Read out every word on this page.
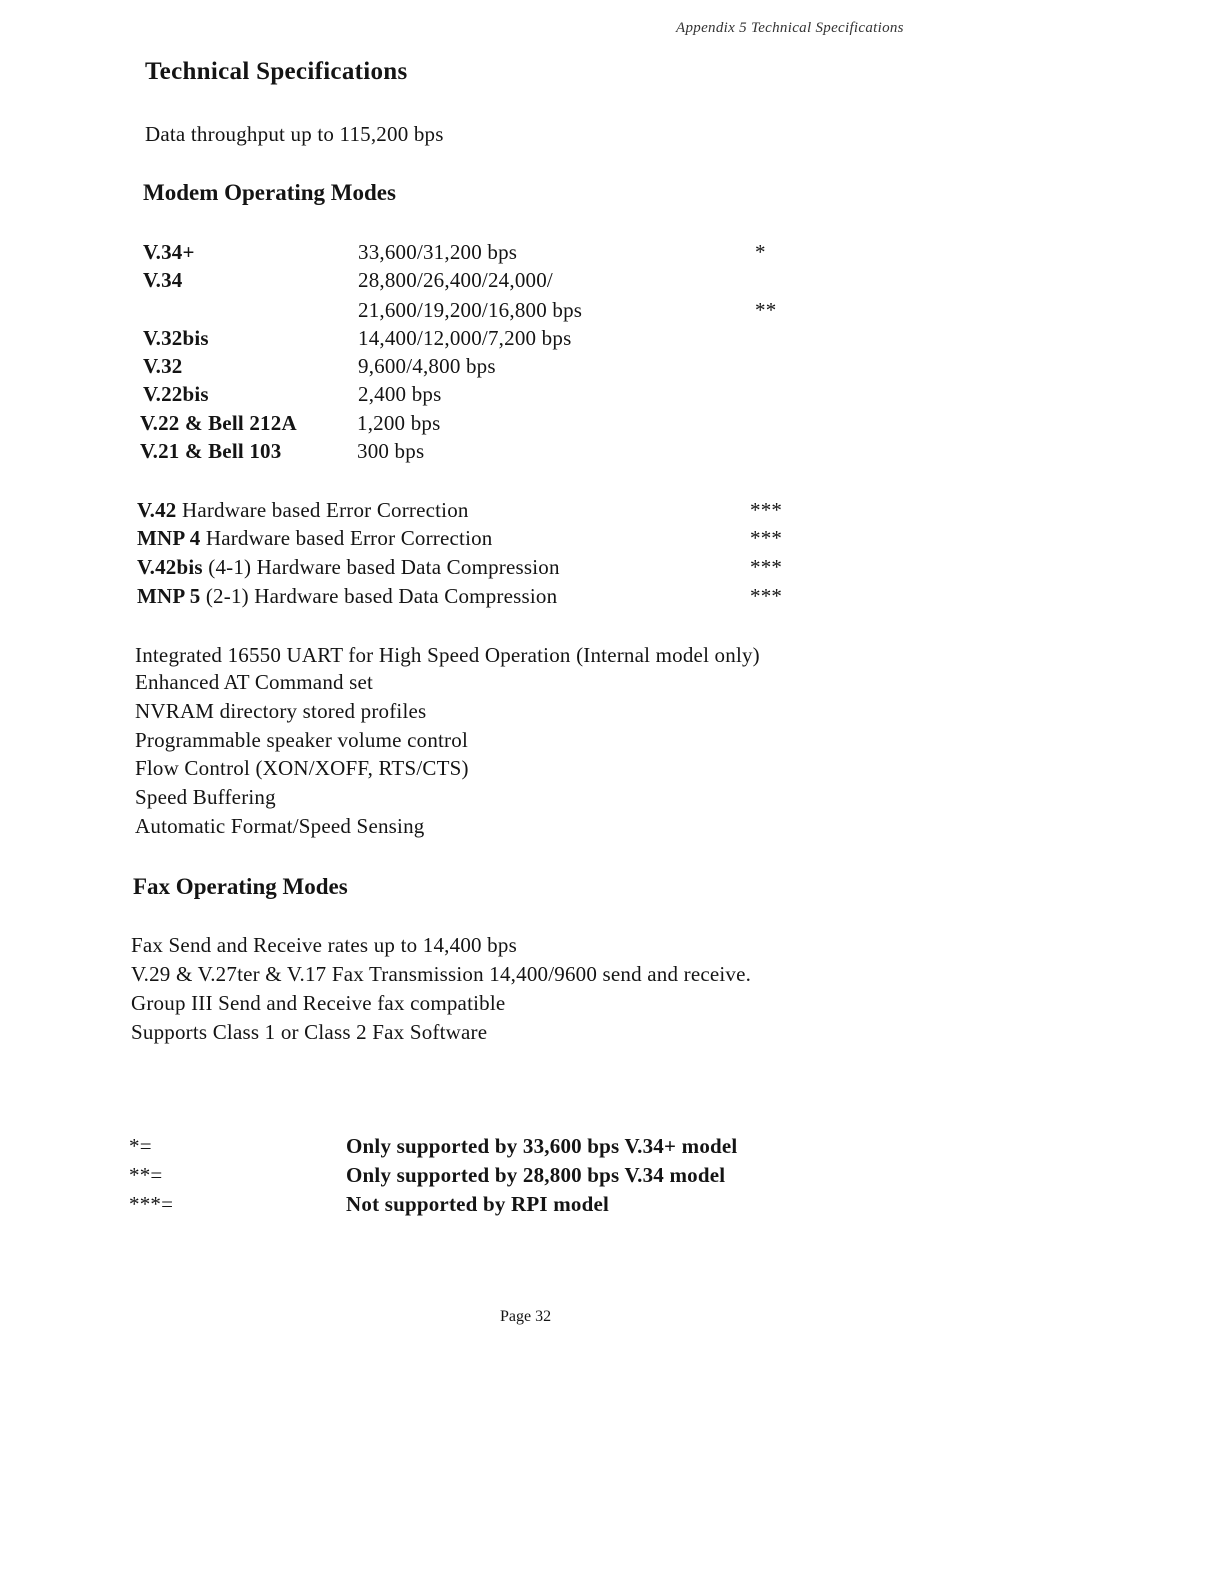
Appendix 5 Technical Specifications
Technical Specifications
Data throughput up to 115,200 bps
Modem Operating Modes
V.34+	33,600/31,200 bps	*
V.34	28,800/26,400/24,000/
21,600/19,200/16,800 bps	**
V.32bis	14,400/12,000/7,200 bps
V.32	9,600/4,800 bps
V.22bis	2,400 bps
V.22 & Bell 212A	1,200 bps
V.21 & Bell 103	300 bps
V.42 Hardware based Error Correction	***
MNP 4 Hardware based Error Correction	***
V.42bis (4-1) Hardware based Data Compression	***
MNP 5 (2-1) Hardware based Data Compression	***
Integrated 16550 UART for High Speed Operation (Internal model only)
Enhanced AT Command set
NVRAM directory stored profiles
Programmable speaker volume control
Flow Control (XON/XOFF, RTS/CTS)
Speed Buffering
Automatic Format/Speed Sensing
Fax Operating Modes
Fax Send and Receive rates up to 14,400 bps
V.29 & V.27ter & V.17 Fax Transmission 14,400/9600 send and receive.
Group III Send and Receive fax compatible
Supports Class 1 or Class 2 Fax Software
*=	Only supported by 33,600 bps V.34+ model
**=	Only supported by 28,800 bps V.34 model
***=	Not supported by RPI model
Page 32
